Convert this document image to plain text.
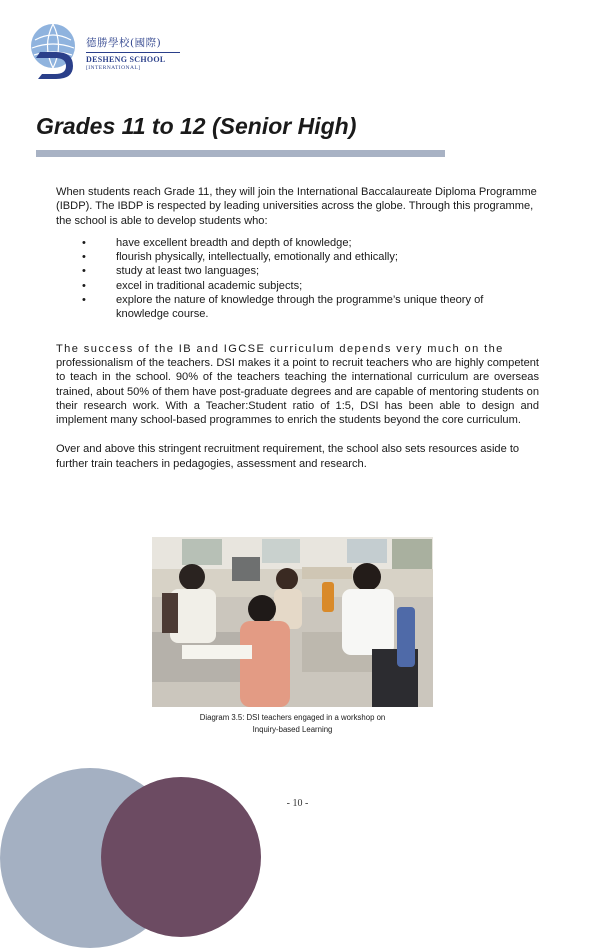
德勝學校(國際)
DESHENG SCHOOL
[INTERNATIONAL]
Grades 11 to 12 (Senior High)

When students reach Grade 11, they will join the International Baccalaureate Diploma Programme (IBDP). The IBDP is respected by leading universities across the globe. Through this programme, the school is able to develop students who:

•	have excellent breadth and depth of knowledge;
•	flourish physically, intellectually, emotionally and ethically;
•	study at least two languages;
•	excel in traditional academic subjects;
•	explore the nature of knowledge through the programme’s unique theory of knowledge course.

The success of the IB and IGCSE curriculum depends very much on the

professionalism of the teachers. DSI makes it a point to recruit teachers who are highly competent to teach in the school. 90% of the teachers teaching the international curriculum are overseas trained, about 50% of them have post-graduate degrees and are capable of mentoring students on their research work. With a Teacher:Student ratio of 1:5, DSI has been able to design and implement many school-based programmes to enrich the students beyond the core curriculum.

Over and above this stringent recruitment requirement, the school also sets resources aside to further train teachers in pedagogies, assessment and research.

Diagram 3.5: DSI teachers engaged in a workshop on
Inquiry-based Learning
- 10 -
